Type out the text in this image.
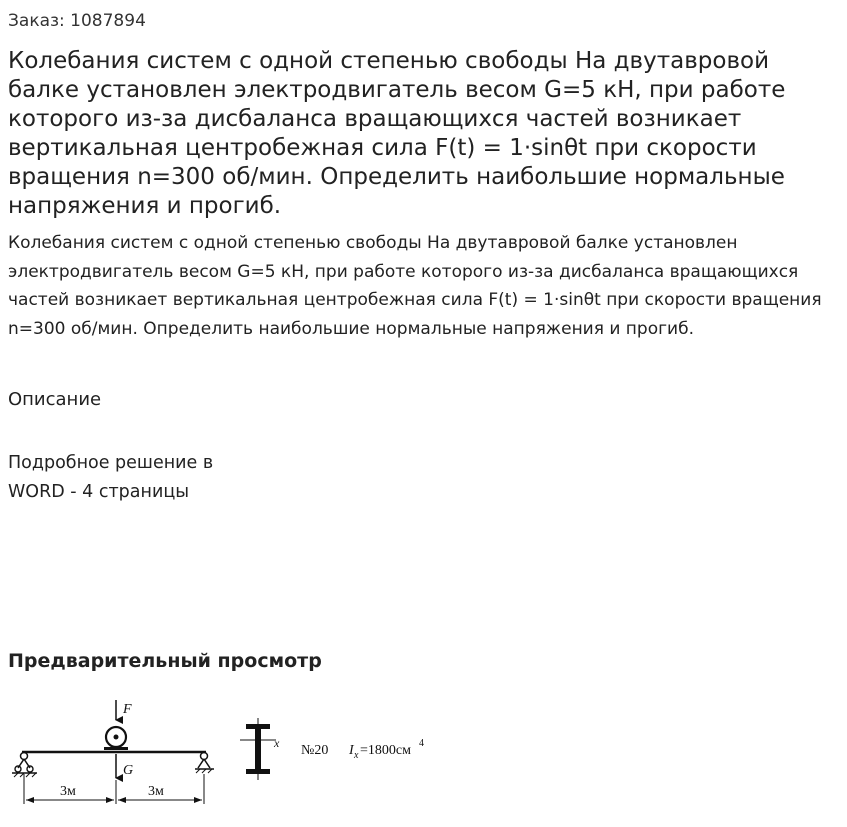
Заказ: 1087894
Колебания систем с одной степенью свободы На двутавровой балке установлен электродвигатель весом G=5 кН, при работе которого из-за дисбаланса вращающихся частей возникает вертикальная центробежная сила F(t) = 1·sinθt при скорости вращения n=300 об/мин. Определить наибольшие нормальные напряжения и прогиб.

Колебания систем с одной степенью свободы На двутавровой балке установлен электродвигатель весом G=5 кН, при работе которого из-за дисбаланса вращающихся частей возникает вертикальная центробежная сила F(t) = 1·sinθt при скорости вращения n=300 об/мин. Определить наибольшие нормальные напряжения и прогиб.

Описание
Подробное решение в WORD - 4 страницы
Предварительный просмотр
F
G
3м	3м
x №20 I x =1800см 4
